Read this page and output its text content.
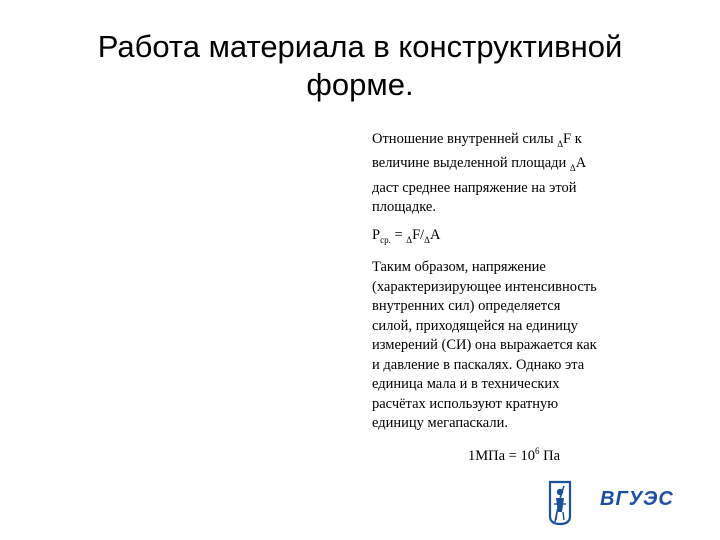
Работа материала в конструктивной
форме.
Отношение внутренней силы $_\Delta$F к
величине выделенной площади $_\Delta$А
даст среднее напряжение на этой
площадке.
$P_{ср.} = _\Delta F/_\Delta A$
Таким образом, напряжение
(характеризирующее интенсивность
внутренних сил) определяется
силой, приходящейся на единицу
измерений (СИ) она выражается как
и давление в паскалях. Однако эта
единица мала и в технических
расчётах используют кратную
единицу мегапаскали.
$1МПа = 10^6$ Па
ВГУЭС
